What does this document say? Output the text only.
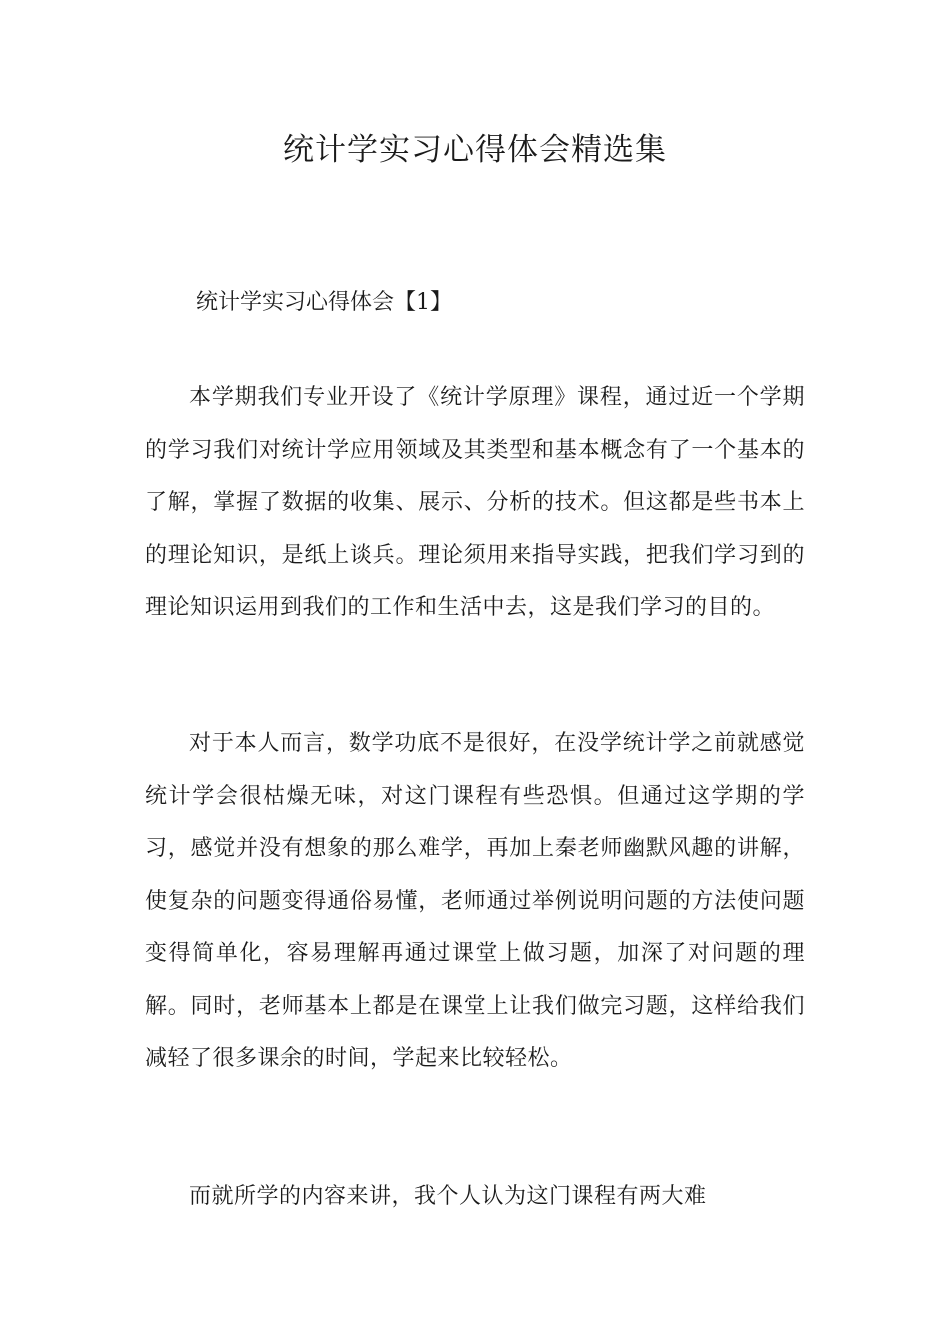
统计学实习心得体会精选集
统计学实习心得体会【1】

本学期我们专业开设了《统计学原理》课程，通过近一个学期的学习我们对统计学应用领域及其类型和基本概念有了一个基本的了解，掌握了数据的收集、展示、分析的技术。但这都是些书本上的理论知识，是纸上谈兵。理论须用来指导实践，把我们学习到的理论知识运用到我们的工作和生活中去，这是我们学习的目的。

对于本人而言，数学功底不是很好，在没学统计学之前就感觉统计学会很枯燥无味，对这门课程有些恐惧。但通过这学期的学习，感觉并没有想象的那么难学，再加上秦老师幽默风趣的讲解，使复杂的问题变得通俗易懂，老师通过举例说明问题的方法使问题变得简单化，容易理解再通过课堂上做习题，加深了对问题的理解。同时，老师基本上都是在课堂上让我们做完习题，这样给我们减轻了很多课余的时间，学起来比较轻松。

而就所学的内容来讲，我个人认为这门课程有两大难
